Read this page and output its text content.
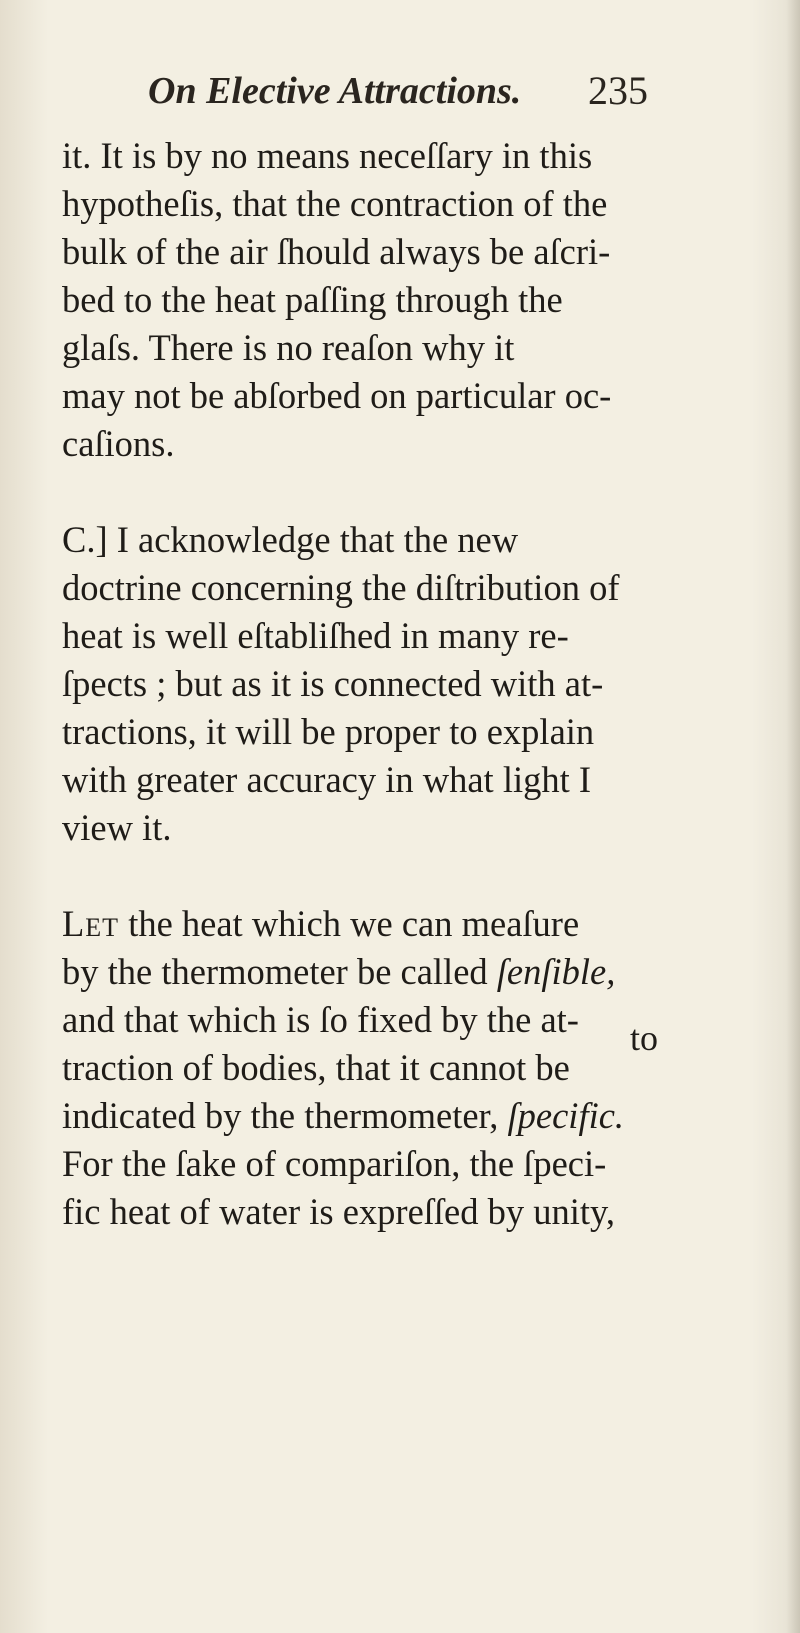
On Elective Attractions. 235

it. It is by no means neceſſary in this
hypotheſis, that the contraction of the
bulk of the air ſhould always be aſcri-
bed to the heat paſſing through the
glaſs. There is no reaſon why it
may not be abſorbed on particular oc-
caſions.

C.] I acknowledge that the new
doctrine concerning the diſtribution of
heat is well eſtabliſhed in many re-
ſpects ; but as it is connected with at-
tractions, it will be proper to explain
with greater accuracy in what light I
view it.

Let the heat which we can meaſure
by the thermometer be called ſenſible,
and that which is ſo fixed by the at-
traction of bodies, that it cannot be
indicated by the thermometer, ſpecific.
For the ſake of compariſon, the ſpeci-
fic heat of water is expreſſed by unity,

to
